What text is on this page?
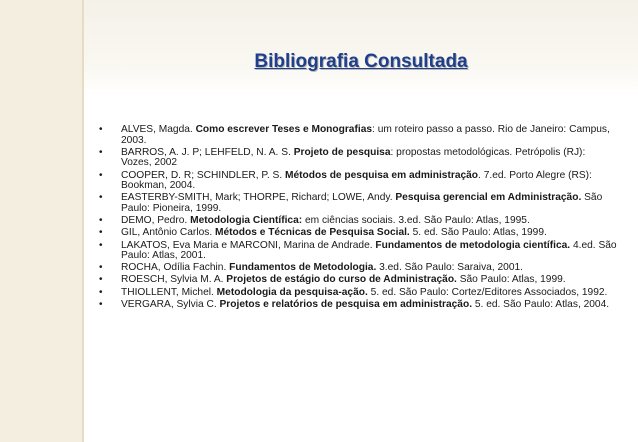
Bibliografia Consultada
• ALVES, Magda. Como escrever Teses e Monografias: um roteiro passo a passo. Rio de Janeiro: Campus, 2003.
• BARROS, A. J. P; LEHFELD, N. A. S. Projeto de pesquisa: propostas metodológicas. Petrópolis (RJ): Vozes, 2002
• COOPER, D. R; SCHINDLER, P. S. Métodos de pesquisa em administração. 7.ed. Porto Alegre (RS): Bookman, 2004.
• EASTERBY-SMITH, Mark; THORPE, Richard; LOWE, Andy. Pesquisa gerencial em Administração. São Paulo: Pioneira, 1999.
• DEMO, Pedro. Metodologia Científica: em ciências sociais. 3.ed. São Paulo: Atlas, 1995.
• GIL, Antônio Carlos. Métodos e Técnicas de Pesquisa Social. 5. ed. São Paulo: Atlas, 1999.
• LAKATOS, Eva Maria e MARCONI, Marina de Andrade. Fundamentos de metodologia científica. 4.ed. São Paulo: Atlas, 2001.
• ROCHA, Odília Fachin. Fundamentos de Metodologia. 3.ed. São Paulo: Saraiva, 2001.
• ROESCH, Sylvia M. A. Projetos de estágio do curso de Administração. São Paulo: Atlas, 1999.
• THIOLLENT, Michel. Metodologia da pesquisa-ação. 5. ed. São Paulo: Cortez/Editores Associados, 1992.
• VERGARA, Sylvia C. Projetos e relatórios de pesquisa em administração. 5. ed. São Paulo: Atlas, 2004.
